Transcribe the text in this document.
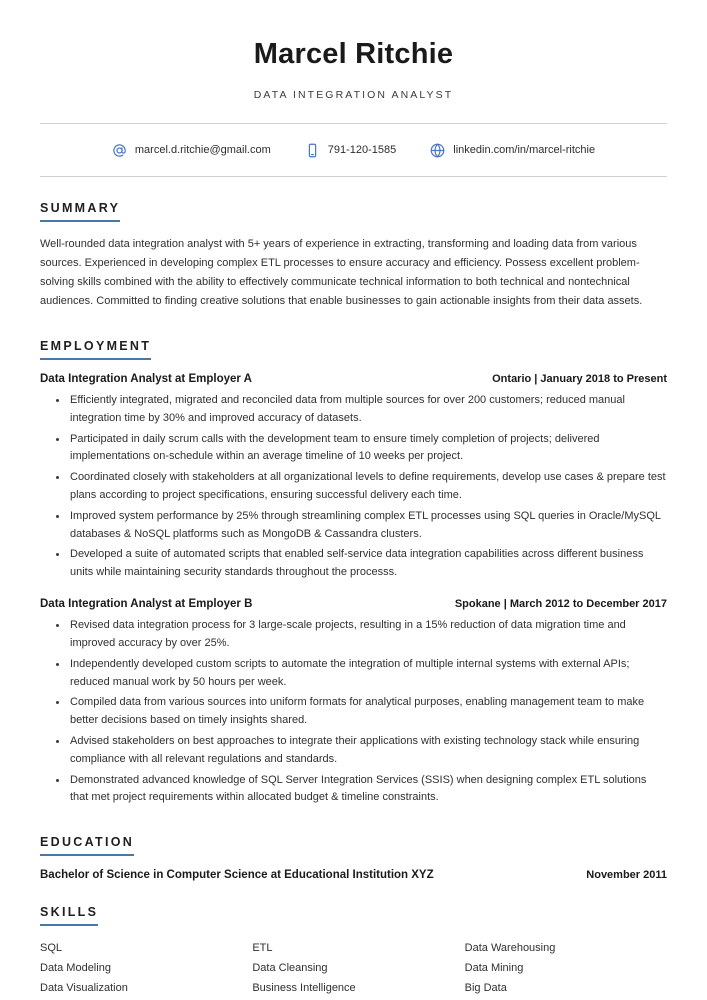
Marcel Ritchie
DATA INTEGRATION ANALYST
marcel.d.ritchie@gmail.com	791-120-1585	linkedin.com/in/marcel-ritchie
SUMMARY
Well-rounded data integration analyst with 5+ years of experience in extracting, transforming and loading data from various sources. Experienced in developing complex ETL processes to ensure accuracy and efficiency. Possess excellent problem-solving skills combined with the ability to effectively communicate technical information to both technical and nontechnical audiences. Committed to finding creative solutions that enable businesses to gain actionable insights from their data assets.
EMPLOYMENT
Data Integration Analyst at Employer A	Ontario | January 2018 to Present
Efficiently integrated, migrated and reconciled data from multiple sources for over 200 customers; reduced manual integration time by 30% and improved accuracy of datasets.
Participated in daily scrum calls with the development team to ensure timely completion of projects; delivered implementations on-schedule within an average timeline of 10 weeks per project.
Coordinated closely with stakeholders at all organizational levels to define requirements, develop use cases & prepare test plans according to project specifications, ensuring successful delivery each time.
Improved system performance by 25% through streamlining complex ETL processes using SQL queries in Oracle/MySQL databases & NoSQL platforms such as MongoDB & Cassandra clusters.
Developed a suite of automated scripts that enabled self-service data integration capabilities across different business units while maintaining security standards throughout the processs.
Data Integration Analyst at Employer B	Spokane | March 2012 to December 2017
Revised data integration process for 3 large-scale projects, resulting in a 15% reduction of data migration time and improved accuracy by over 25%.
Independently developed custom scripts to automate the integration of multiple internal systems with external APIs; reduced manual work by 50 hours per week.
Compiled data from various sources into uniform formats for analytical purposes, enabling management team to make better decisions based on timely insights shared.
Advised stakeholders on best approaches to integrate their applications with existing technology stack while ensuring compliance with all relevant regulations and standards.
Demonstrated advanced knowledge of SQL Server Integration Services (SSIS) when designing complex ETL solutions that met project requirements within allocated budget & timeline constraints.
EDUCATION
Bachelor of Science in Computer Science at Educational Institution XYZ	November 2011
SKILLS
SQL	ETL	Data Warehousing
Data Modeling	Data Cleansing	Data Mining
Data Visualization	Business Intelligence	Big Data
